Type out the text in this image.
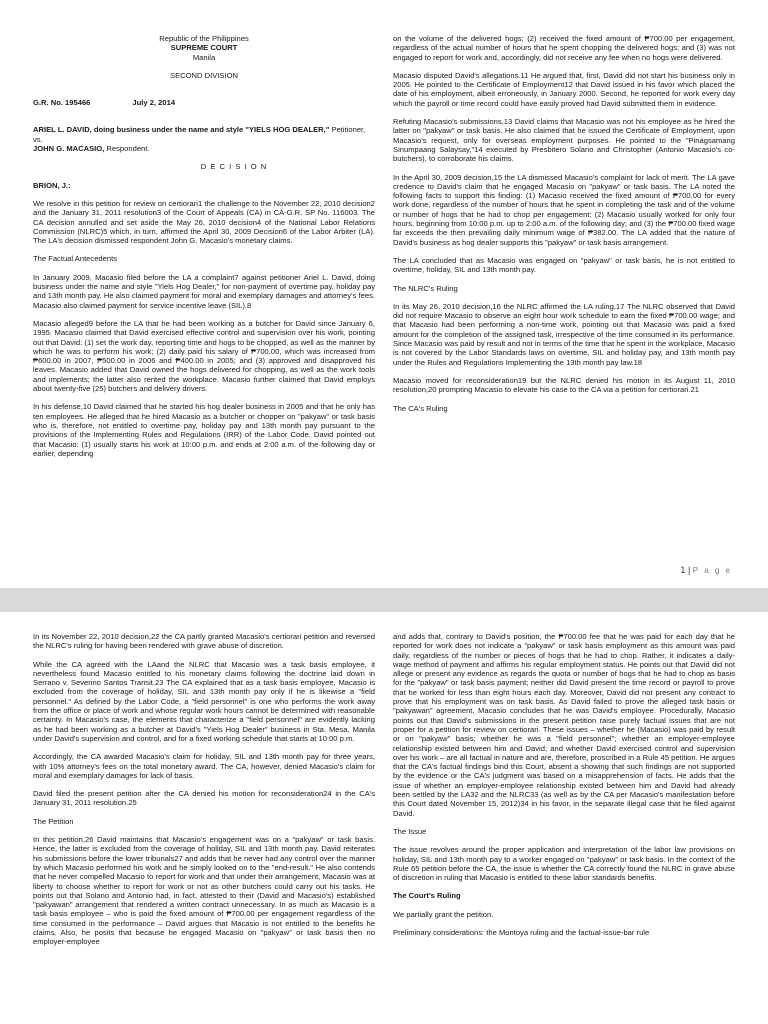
Republic of the Philippines
SUPREME COURT
Manila
SECOND DIVISION
G.R. No. 195466	July 2, 2014
ARIEL L. DAVID, doing business under the name and style "YIELS HOG DEALER," Petitioner,
vs.
JOHN G. MACASIO, Respondent.
D E C I S I O N
BRION, J.:

We resolve in this petition for review on certiorari1 the challenge to the November 22, 2010 decision2 and the January 31, 2011 resolution3 of the Court of Appeals (CA) in CA-G.R. SP No. 116003. The CA decision annulled and set aside the May 26, 2010 decision4 of the National Labor Relations Commission (NLRC)5 which, in turn, affirmed the April 30, 2009 Decision6 of the Labor Arbiter (LA). The LA's decision dismissed respondent John G. Macasio's monetary claims.

The Factual Antecedents

In January 2009, Macasio filed before the LA a complaint7 against petitioner Ariel L. David, doing business under the name and style "Yiels Hog Dealer," for non-payment of overtime pay, holiday pay and 13th month pay. He also claimed payment for moral and exemplary damages and attorney's fees. Macasio also claimed payment for service incentive leave (SIL).8

Macasio alleged9 before the LA that he had been working as a butcher for David since January 6, 1995. Macasio claimed that David exercised effective control and supervision over his work, pointing out that David: (1) set the work day, reporting time and hogs to be chopped, as well as the manner by which he was to perform his work; (2) daily paid his salary of ₱700.00, which was increased from ₱600.00 in 2007, ₱500.00 in 2006 and ₱400.00 in 2005; and (3) approved and disapproved his leaves. Macasio added that David owned the hogs delivered for chopping, as well as the work tools and implements; the latter also rented the workplace. Macasio further claimed that David employs about twenty-five (25) butchers and delivery drivers.

In his defense,10 David claimed that he started his hog dealer business in 2005 and that he only has ten employees. He alleged that he hired Macasio as a butcher or chopper on "pakyaw" or task basis who is, therefore, not entitled to overtime pay, holiday pay and 13th month pay pursuant to the provisions of the Implementing Rules and Regulations (IRR) of the Labor Code. David pointed out that Macasio: (1) usually starts his work at 10:00 p.m. and ends at 2:00 a.m. of the following day or earlier, depending

on the volume of the delivered hogs; (2) received the fixed amount of ₱700.00 per engagement, regardless of the actual number of hours that he spent chopping the delivered hogs; and (3) was not engaged to report for work and, accordingly, did not receive any fee when no hogs were delivered.

Macasio disputed David's allegations.11 He argued that, first, David did not start his business only in 2005. He pointed to the Certificate of Employment12 that David issued in his favor which placed the date of his employment, albeit erroneously, in January 2000. Second, he reported for work every day which the payroll or time record could have easily proved had David submitted them in evidence.

Refuting Macasio's submissions,13 David claims that Macasio was not his employee as he hired the latter on "pakyaw" or task basis. He also claimed that he issued the Certificate of Employment, upon Macasio's request, only for overseas employment purposes. He pointed to the "Pinagsamang Sinumpaang Salaysay,"14 executed by Presbitero Solano and Christopher (Antonio Macasio's co-butchers), to corroborate his claims.

In the April 30, 2009 decision,15 the LA dismissed Macasio's complaint for lack of merit. The LA gave credence to David's claim that he engaged Macasio on "pakyaw" or task basis. The LA noted the following facts to support this finding: (1) Macasio received the fixed amount of ₱700.00 for every work done, regardless of the number of hours that he spent in completing the task and of the volume or number of hogs that he had to chop per engagement; (2) Macasio usually worked for only four hours, beginning from 10:00 p.m. up to 2:00 a.m. of the following day; and (3) the ₱700.00 fixed wage far exceeds the then prevailing daily minimum wage of ₱382.00. The LA added that the nature of David's business as hog dealer supports this "pakyaw" or task basis arrangement.

The LA concluded that as Macasio was engaged on "pakyaw" or task basis, he is not entitled to overtime, holiday, SIL and 13th month pay.

The NLRC's Ruling

In its May 26, 2010 decision,16 the NLRC affirmed the LA ruling.17 The NLRC observed that David did not require Macasio to observe an eight hour work schedule to earn the fixed ₱700.00 wage; and that Macasio had been performing a non-time work, pointing out that Macasio was paid a fixed amount for the completion of the assigned task, irrespective of the time consumed in its performance. Since Macasio was paid by result and not in terms of the time that he spent in the workplace, Macasio is not covered by the Labor Standards laws on overtime, SIL and holiday pay, and 13th month pay under the Rules and Regulations Implementing the 13th month pay law.18

Macasio moved for reconsideration19 but the NLRC denied his motion in its August 11, 2010 resolution,20 prompting Macasio to elevate his case to the CA via a petition for certiorari.21

The CA's Ruling
1 | P a g e

In its November 22, 2010 decision,22 the CA partly granted Macasio's certiorari petition and reversed the NLRC's ruling for having been rendered with grave abuse of discretion.

While the CA agreed with the LAand the NLRC that Macasio was a task basis employee, it nevertheless found Macasio entitled to his monetary claims following the doctrine laid down in Serrano v. Severino Santos Transit.23 The CA explained that as a task basis employee, Macasio is excluded from the coverage of holiday, SIL and 13th month pay only if he is likewise a "field personnel." As defined by the Labor Code, a "field personnel" is one who performs the work away from the office or place of work and whose regular work hours cannot be determined with reasonable certainty. In Macasio's case, the elements that characterize a "field personnel" are evidently lacking as he had been working as a butcher at David's "Yiels Hog Dealer" business in Sta. Mesa, Manila under David's supervision and control, and for a fixed working schedule that starts at 10:00 p.m.

Accordingly, the CA awarded Macasio's claim for holiday, SIL and 13th month pay for three years, with 10% attorney's fees on the total monetary award. The CA, however, denied Macasio's claim for moral and exemplary damages for lack of basis.

David filed the present petition after the CA denied his motion for reconsideration24 in the CA's January 31, 2011 resolution.25

The Petition

In this petition,26 David maintains that Macasio's engagement was on a "pakyaw" or task basis. Hence, the latter is excluded from the coverage of holiday, SIL and 13th month pay. David reiterates his submissions before the lower tribunals27 and adds that he never had any control over the manner by which Macasio performed his work and he simply looked on to the "end-result." He also contends that he never compelled Macasio to report for work and that under their arrangement, Macasio was at liberty to choose whether to report for work or not as other butchers could carry out his tasks. He points out that Solano and Antonio had, in fact, attested to their (David and Macasio's) established "pakyawan" arrangement that rendered a written contract unnecessary. In as much as Macasio is a task basis employee – who is paid the fixed amount of ₱700.00 per engagement regardless of the time consumed in the performance – David argues that Macasio is not entitled to the benefits he claims. Also, he posits that because he engaged Macasio on "pakyaw" or task basis then no employer-employee

and adds that, contrary to David's position, the ₱700.00 fee that he was paid for each day that he reported for work does not indicate a "pakyaw" or task basis employment as this amount was paid daily, regardless of the number or pieces of hogs that he had to chop. Rather, it indicates a daily-wage method of payment and affirms his regular employment status. He points out that David did not allege or present any evidence as regards the quota or number of hogs that he had to chop as basis for the "pakyaw" or task basis payment; neither did David present the time record or payroll to prove that he worked for less than eight hours each day. Moreover, David did not present any contract to prove that his employment was on task basis. As David failed to prove the alleged task basis or "pakyawan" agreement, Macasio concludes that he was David's employee. Procedurally, Macasio points out that David's submissions in the present petition raise purely factual issues that are not proper for a petition for review on certiorari. These issues – whether he (Macasio) was paid by result or on "pakyaw" basis; whether he was a "field personnel"; whether an employer-employee relationship existed between him and David; and whether David exercised control and supervision over his work – are all factual in nature and are, therefore, proscribed in a Rule 45 petition. He argues that the CA's factual findings bind this Court, absent a showing that such findings are not supported by the evidence or the CA's judgment was based on a misapprehension of facts. He adds that the issue of whether an employer-employee relationship existed between him and David had already been settled by the LA32 and the NLRC33 (as well as by the CA per Macasio's manifestation before this Court dated November 15, 2012)34 in his favor, in the separate illegal case that he filed against David.

The Issue

The issue revolves around the proper application and interpretation of the labor law provisions on holiday, SIL and 13th month pay to a worker engaged on "pakyaw" or task basis. In the context of the Rule 65 petition before the CA, the issue is whether the CA correctly found the NLRC in grave abuse of discretion in ruling that Macasio is entitled to these labor standards benefits.

The Court's Ruling

We partially grant the petition.

Preliminary considerations: the Montoya ruling and the factual-issue-bar rule
